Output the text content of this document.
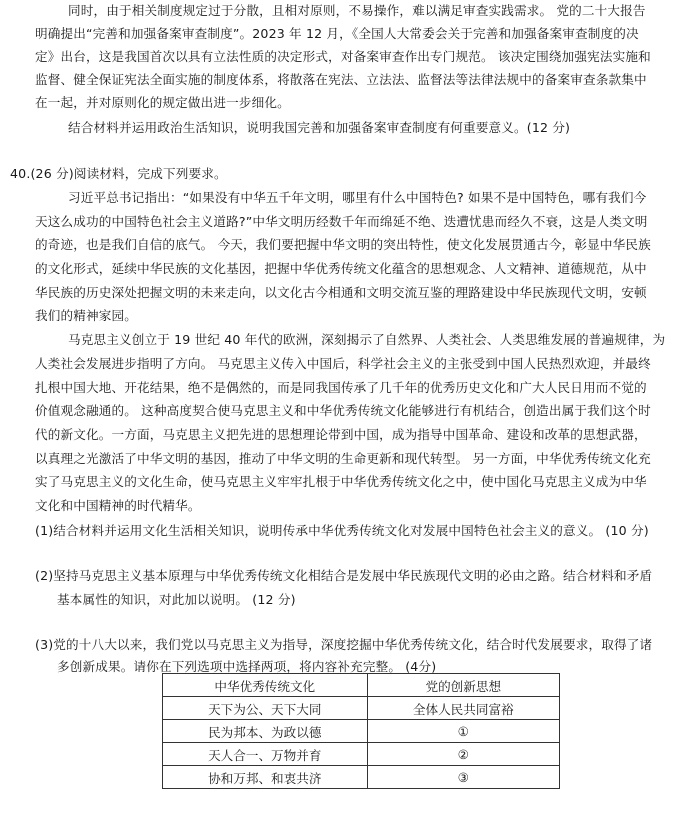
同时，由于相关制度规定过于分散，且相对原则，不易操作，难以满足审查实践需求。 党的二十大报告
明确提出“完善和加强备案审查制度”。2023 年 12 月，《全国人大常委会关于完善和加强备案审查制度的决
定》出台，这是我国首次以具有立法性质的决定形式，对备案审查作出专门规范。 该决定围绕加强宪法实施和
监督、健全保证宪法全面实施的制度体系，将散落在宪法、立法法、监督法等法律法规中的备案审查条款集中
在一起，并对原则化的规定做出进一步细化。
结合材料并运用政治生活知识，说明我国完善和加强备案审查制度有何重要意义。(12 分)
40.(26 分)阅读材料，完成下列要求。
习近平总书记指出：“如果没有中华五千年文明，哪里有什么中国特色? 如果不是中国特色，哪有我们今
天这么成功的中国特色社会主义道路?”中华文明历经数千年而绵延不绝、迭遭忧患而经久不衰，这是人类文明
的奇迹，也是我们自信的底气。 今天，我们要把握中华文明的突出特性，使文化发展贯通古今，彰显中华民族
的文化形式，延续中华民族的文化基因，把握中华优秀传统文化蕴含的思想观念、人文精神、道德规范，从中
华民族的历史深处把握文明的未来走向，以文化古今相通和文明交流互鉴的理路建设中华民族现代文明，安顿
我们的精神家园。
马克思主义创立于 19 世纪 40 年代的欧洲，深刻揭示了自然界、人类社会、人类思维发展的普遍规律，为
人类社会发展进步指明了方向。 马克思主义传入中国后，科学社会主义的主张受到中国人民热烈欢迎，并最终
扎根中国大地、开花结果，绝不是偶然的，而是同我国传承了几千年的优秀历史文化和广大人民日用而不觉的
价值观念融通的。 这种高度契合使马克思主义和中华优秀传统文化能够进行有机结合，创造出属于我们这个时
代的新文化。一方面，马克思主义把先进的思想理论带到中国，成为指导中国革命、建设和改革的思想武器，
以真理之光激活了中华文明的基因，推动了中华文明的生命更新和现代转型。 另一方面，中华优秀传统文化充
实了马克思主义的文化生命，使马克思主义牢牢扎根于中华优秀传统文化之中，使中国化马克思主义成为中华
文化和中国精神的时代精华。
(1)结合材料并运用文化生活相关知识，说明传承中华优秀传统文化对发展中国特色社会主义的意义。 (10 分)
(2)坚持马克思主义基本原理与中华优秀传统文化相结合是发展中华民族现代文明的必由之路。结合材料和矛盾
基本属性的知识，对此加以说明。 (12 分)
(3)党的十八大以来，我们党以马克思主义为指导，深度挖掘中华优秀传统文化，结合时代发展要求，取得了诸
多创新成果。请你在下列选项中选择两项，将内容补充完整。 (4分)
中华优秀传统文化	党的创新思想
天下为公、天下大同	全体人民共同富裕
民为邦本、为政以德	①
天人合一、万物并育	②
协和万邦、和衷共济	③
